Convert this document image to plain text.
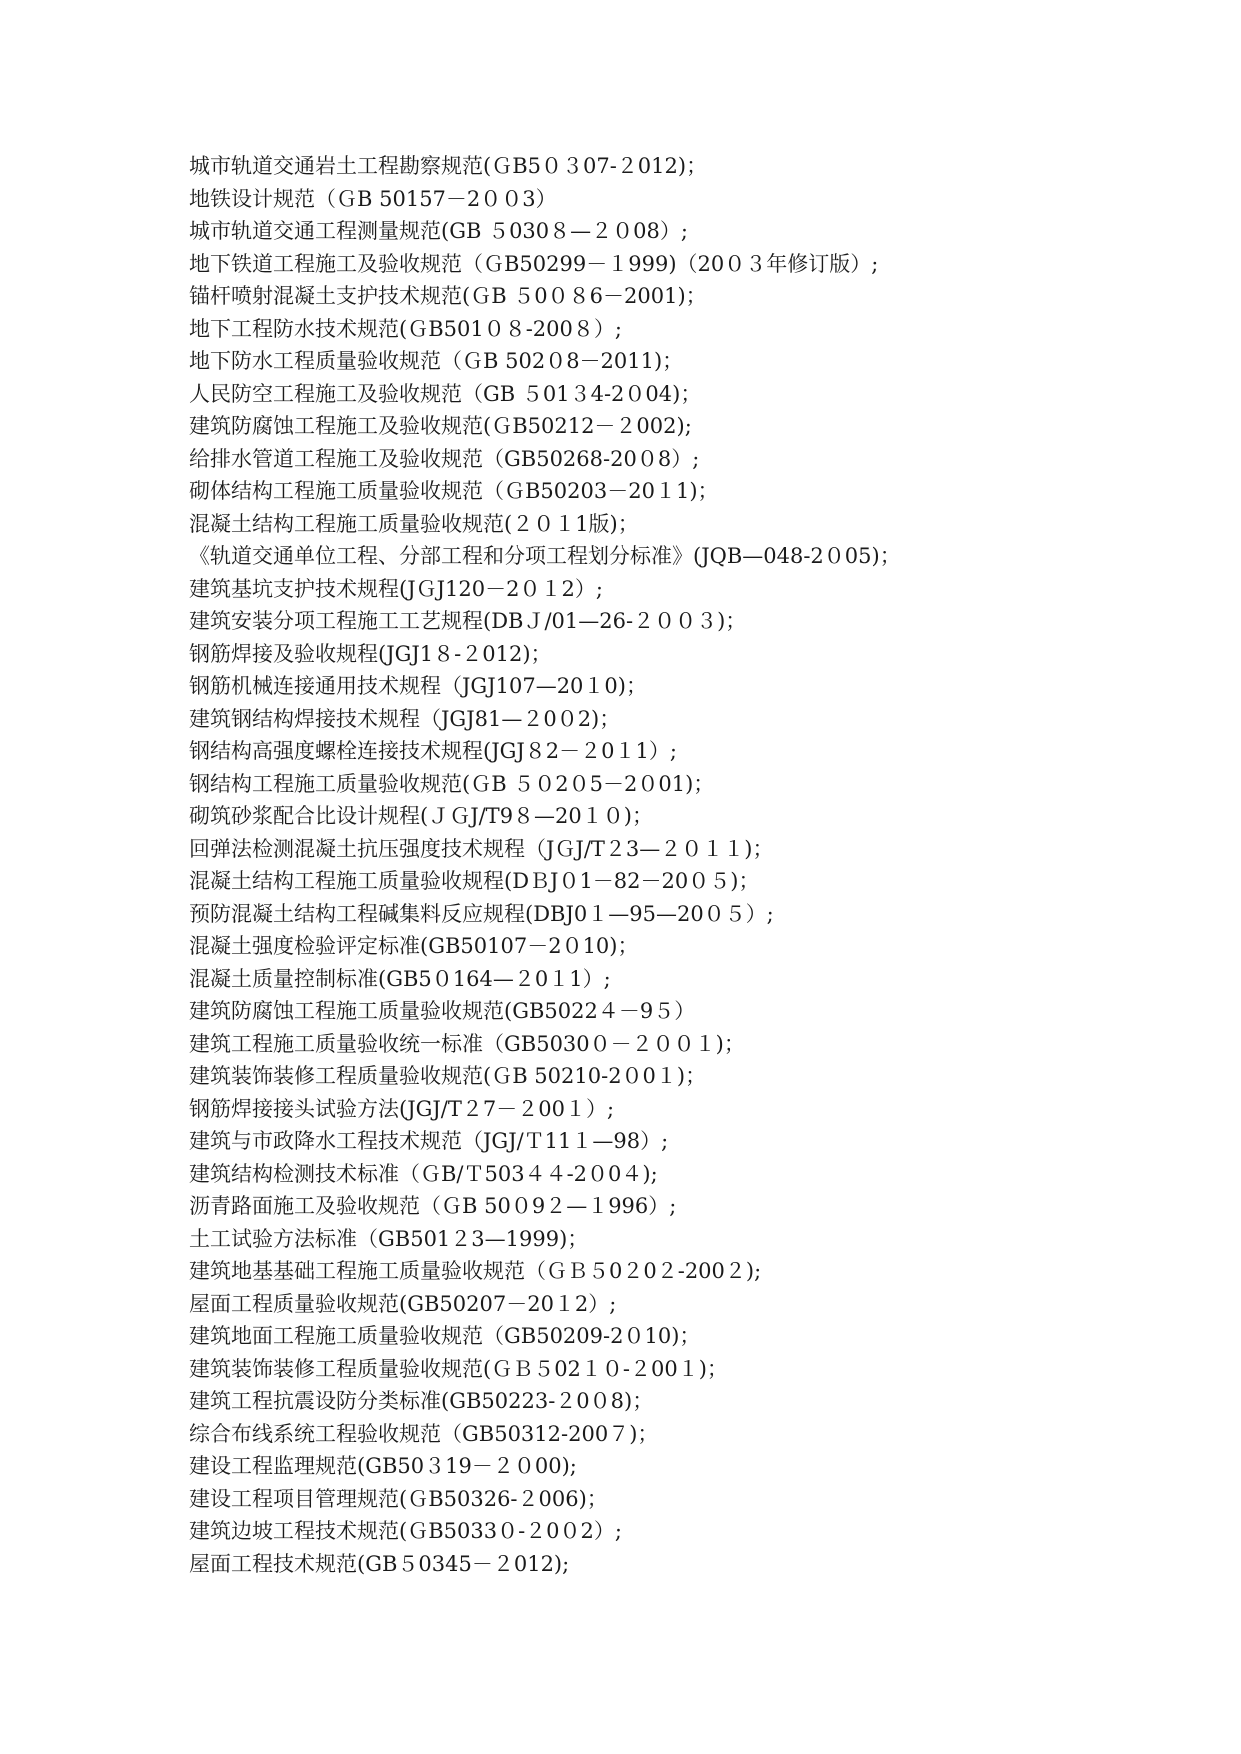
城市轨道交通岩土工程勘察规范(ＧB5０３07-２012)；
地铁设计规范（ＧB 50157－2００3）
城市轨道交通工程测量规范(GB ５030８—２０08）;
地下铁道工程施工及验收规范（ＧB50299－１999)（20０３年修订版）;
锚杆喷射混凝土支护技术规范(ＧB ５0０８6－2001)；
地下工程防水技术规范(ＧB501０８-200８）;
地下防水工程质量验收规范（ＧB 502０8－2011)；
人民防空工程施工及验收规范（GB ５01３4-2０04)；
建筑防腐蚀工程施工及验收规范(ＧB50212－２002);
给排水管道工程施工及验收规范（GB50268-20０8）;
砌体结构工程施工质量验收规范（ＧB50203－20１1)；
混凝土结构工程施工质量验收规范(２０１1版)；
《轨道交通单位工程、分部工程和分项工程划分标准》(JQB—048-2０05)；
建筑基坑支护技术规程(JＧJ120－2０１2）;
建筑安装分项工程施工工艺规程(DBＪ/01—26-２００３)；
钢筋焊接及验收规程(JGJ1８-２012)；
钢筋机械连接通用技术规程（JGJ107—20１0)；
建筑钢结构焊接技术规程（JGJ81—２0０2)；
钢结构高强度螺栓连接技术规程(JGJ８2－２0１1）;
钢结构工程施工质量验收规范(ＧB ５０2０5－2０01)；
砌筑砂浆配合比设计规程(ＪＧJ/T9８—20１０)；
回弹法检测混凝土抗压强度技术规程（JＧJ/T２3—２０１１)；
混凝土结构工程施工质量验收规程(DＢJ０1－82－20０５)；
预防混凝土结构工程碱集料反应规程(DBJ0１—95—20０５）;
混凝土强度检验评定标准(GB50107－2０10)；
混凝土质量控制标准(GB5０164—２0１1）;
建筑防腐蚀工程施工质量验收规范(GB5022４－9５）
建筑工程施工质量验收统一标准（GB5030０－２００１)；
建筑装饰装修工程质量验收规范(ＧB 50210-2０0１)；
钢筋焊接接头试验方法(JGJ/T２7－２00１）;
建筑与市政降水工程技术规范（JGJ/Ｔ11１—98）;
建筑结构检测技术标准（ＧB/Ｔ503４４-2０0４);
沥青路面施工及验收规范（ＧB 50０9２—１996）;
土工试验方法标准（GB501２3—1999)；
建筑地基基础工程施工质量验收规范（ＧＢ５0２0２-200２);
屋面工程质量验收规范(GB50207－20１2）;
建筑地面工程施工质量验收规范（GB50209-2０10)；
建筑装饰装修工程质量验收规范(ＧＢ５02１０-２00１)；
建筑工程抗震设防分类标准(GB50223-２0０8)；
综合布线系统工程验收规范（GB50312-200７)；
建设工程监理规范(GB50３19－２０00);
建设工程项目管理规范(ＧB50326-２006)；
建筑边坡工程技术规范(ＧB5033０-２0０2）;
屋面工程技术规范(GB５0345－２012);
